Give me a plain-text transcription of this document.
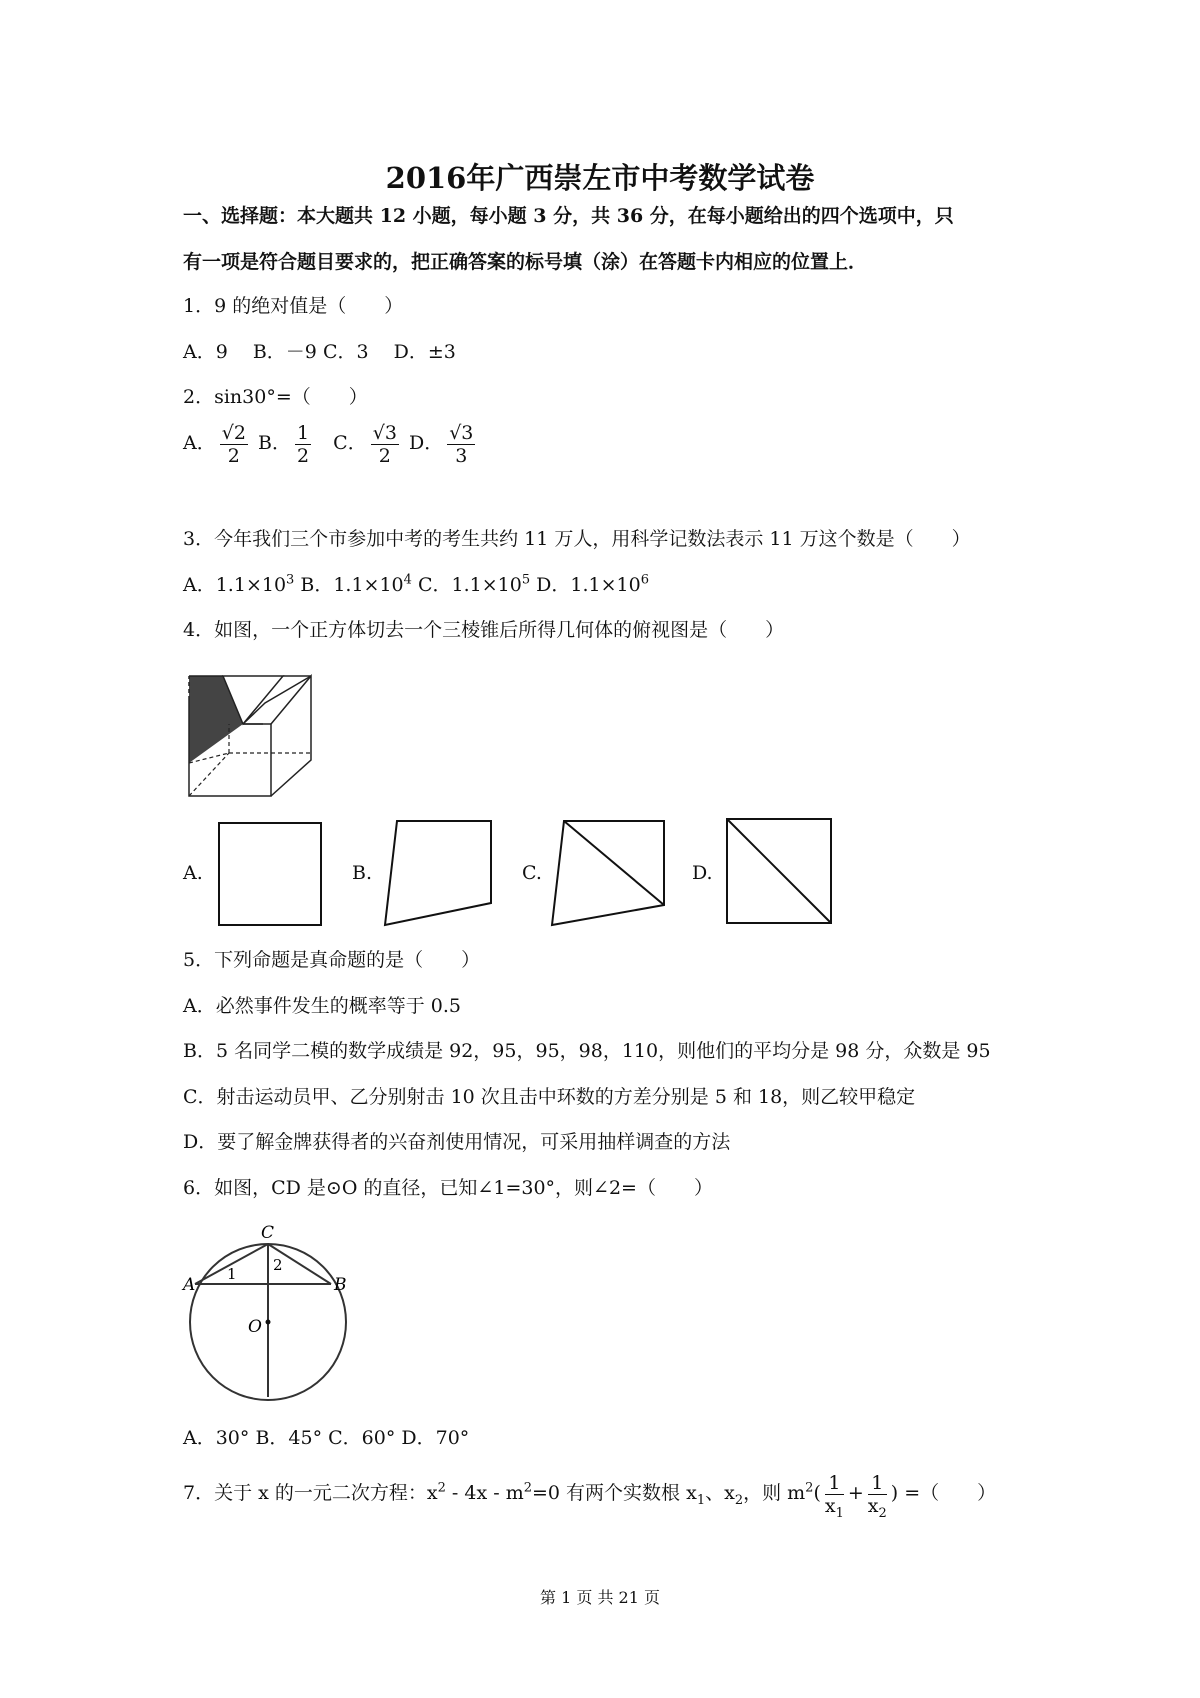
2016年广西崇左市中考数学试卷
一、选择题：本大题共 12 小题，每小题 3 分，共 36 分，在每小题给出的四个选项中，只
有一项是符合题目要求的，把正确答案的标号填（涂）在答题卡内相应的位置上．
1．9 的绝对值是（　　）
A．9　 B．－9 C．3　 D．±3
2．sin30°=（　　）
A． $\frac{√2}{2}$ B． $\frac{1}{2}$ C． $\frac{√3}{2}$ D． $\frac{√3}{3}$
3．今年我们三个市参加中考的考生共约 11 万人，用科学记数法表示 11 万这个数是（　　）
A．$1.1\times 10^3$ B．$1.1\times 10^4$ C．$1.1\times 10^5$ D．$1.1\times 10^6$
4．如图，一个正方体切去一个三棱锥后所得几何体的俯视图是（　　）
A.	B.	C.	D.
5．下列命题是真命题的是（　　）
A．必然事件发生的概率等于 0.5
B．5 名同学二模的数学成绩是 92，95，95，98，110，则他们的平均分是 98 分，众数是 95
C．射击运动员甲、乙分别射击 10 次且击中环数的方差分别是 5 和 18，则乙较甲稳定
D．要了解金牌获得者的兴奋剂使用情况，可采用抽样调查的方法
6．如图，CD 是⊙O 的直径，已知∠1=30°，则∠2=（　　）
C
A	B
O
1 2
A．30° B．45° C．60° D．70°
7．关于 x 的一元二次方程：$x^2 - 4x - m^2=0$ 有两个实数根 $x_1$、$x_2$，则 $m^2( \frac{1}{x_1} + \frac{1}{x_2}$ ) =（　　）
第 1 页 共 21 页
